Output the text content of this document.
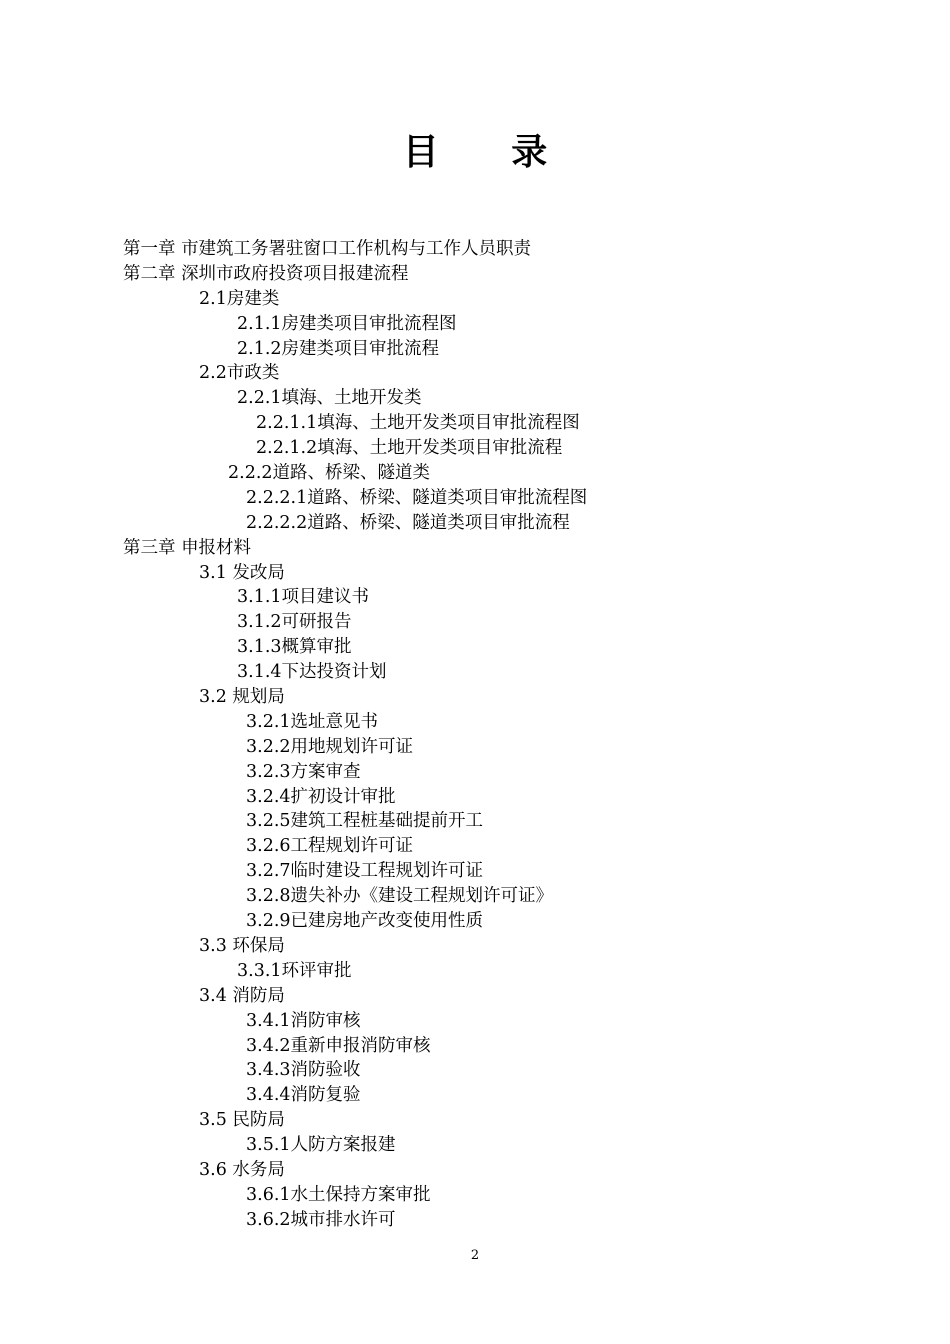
目 录
第一章 市建筑工务署驻窗口工作机构与工作人员职责
第二章 深圳市政府投资项目报建流程
2.1房建类
2.1.1房建类项目审批流程图
2.1.2房建类项目审批流程
2.2市政类
2.2.1填海、土地开发类
2.2.1.1填海、土地开发类项目审批流程图
2.2.1.2填海、土地开发类项目审批流程
2.2.2道路、桥梁、隧道类
2.2.2.1道路、桥梁、隧道类项目审批流程图
2.2.2.2道路、桥梁、隧道类项目审批流程
第三章 申报材料
3.1 发改局
3.1.1项目建议书
3.1.2可研报告
3.1.3概算审批
3.1.4下达投资计划
3.2 规划局
3.2.1选址意见书
3.2.2用地规划许可证
3.2.3方案审查
3.2.4扩初设计审批
3.2.5建筑工程桩基础提前开工
3.2.6工程规划许可证
3.2.7临时建设工程规划许可证
3.2.8遗失补办《建设工程规划许可证》
3.2.9已建房地产改变使用性质
3.3 环保局
3.3.1环评审批
3.4 消防局
3.4.1消防审核
3.4.2重新申报消防审核
3.4.3消防验收
3.4.4消防复验
3.5 民防局
3.5.1人防方案报建
3.6 水务局
3.6.1水土保持方案审批
3.6.2城市排水许可
2
